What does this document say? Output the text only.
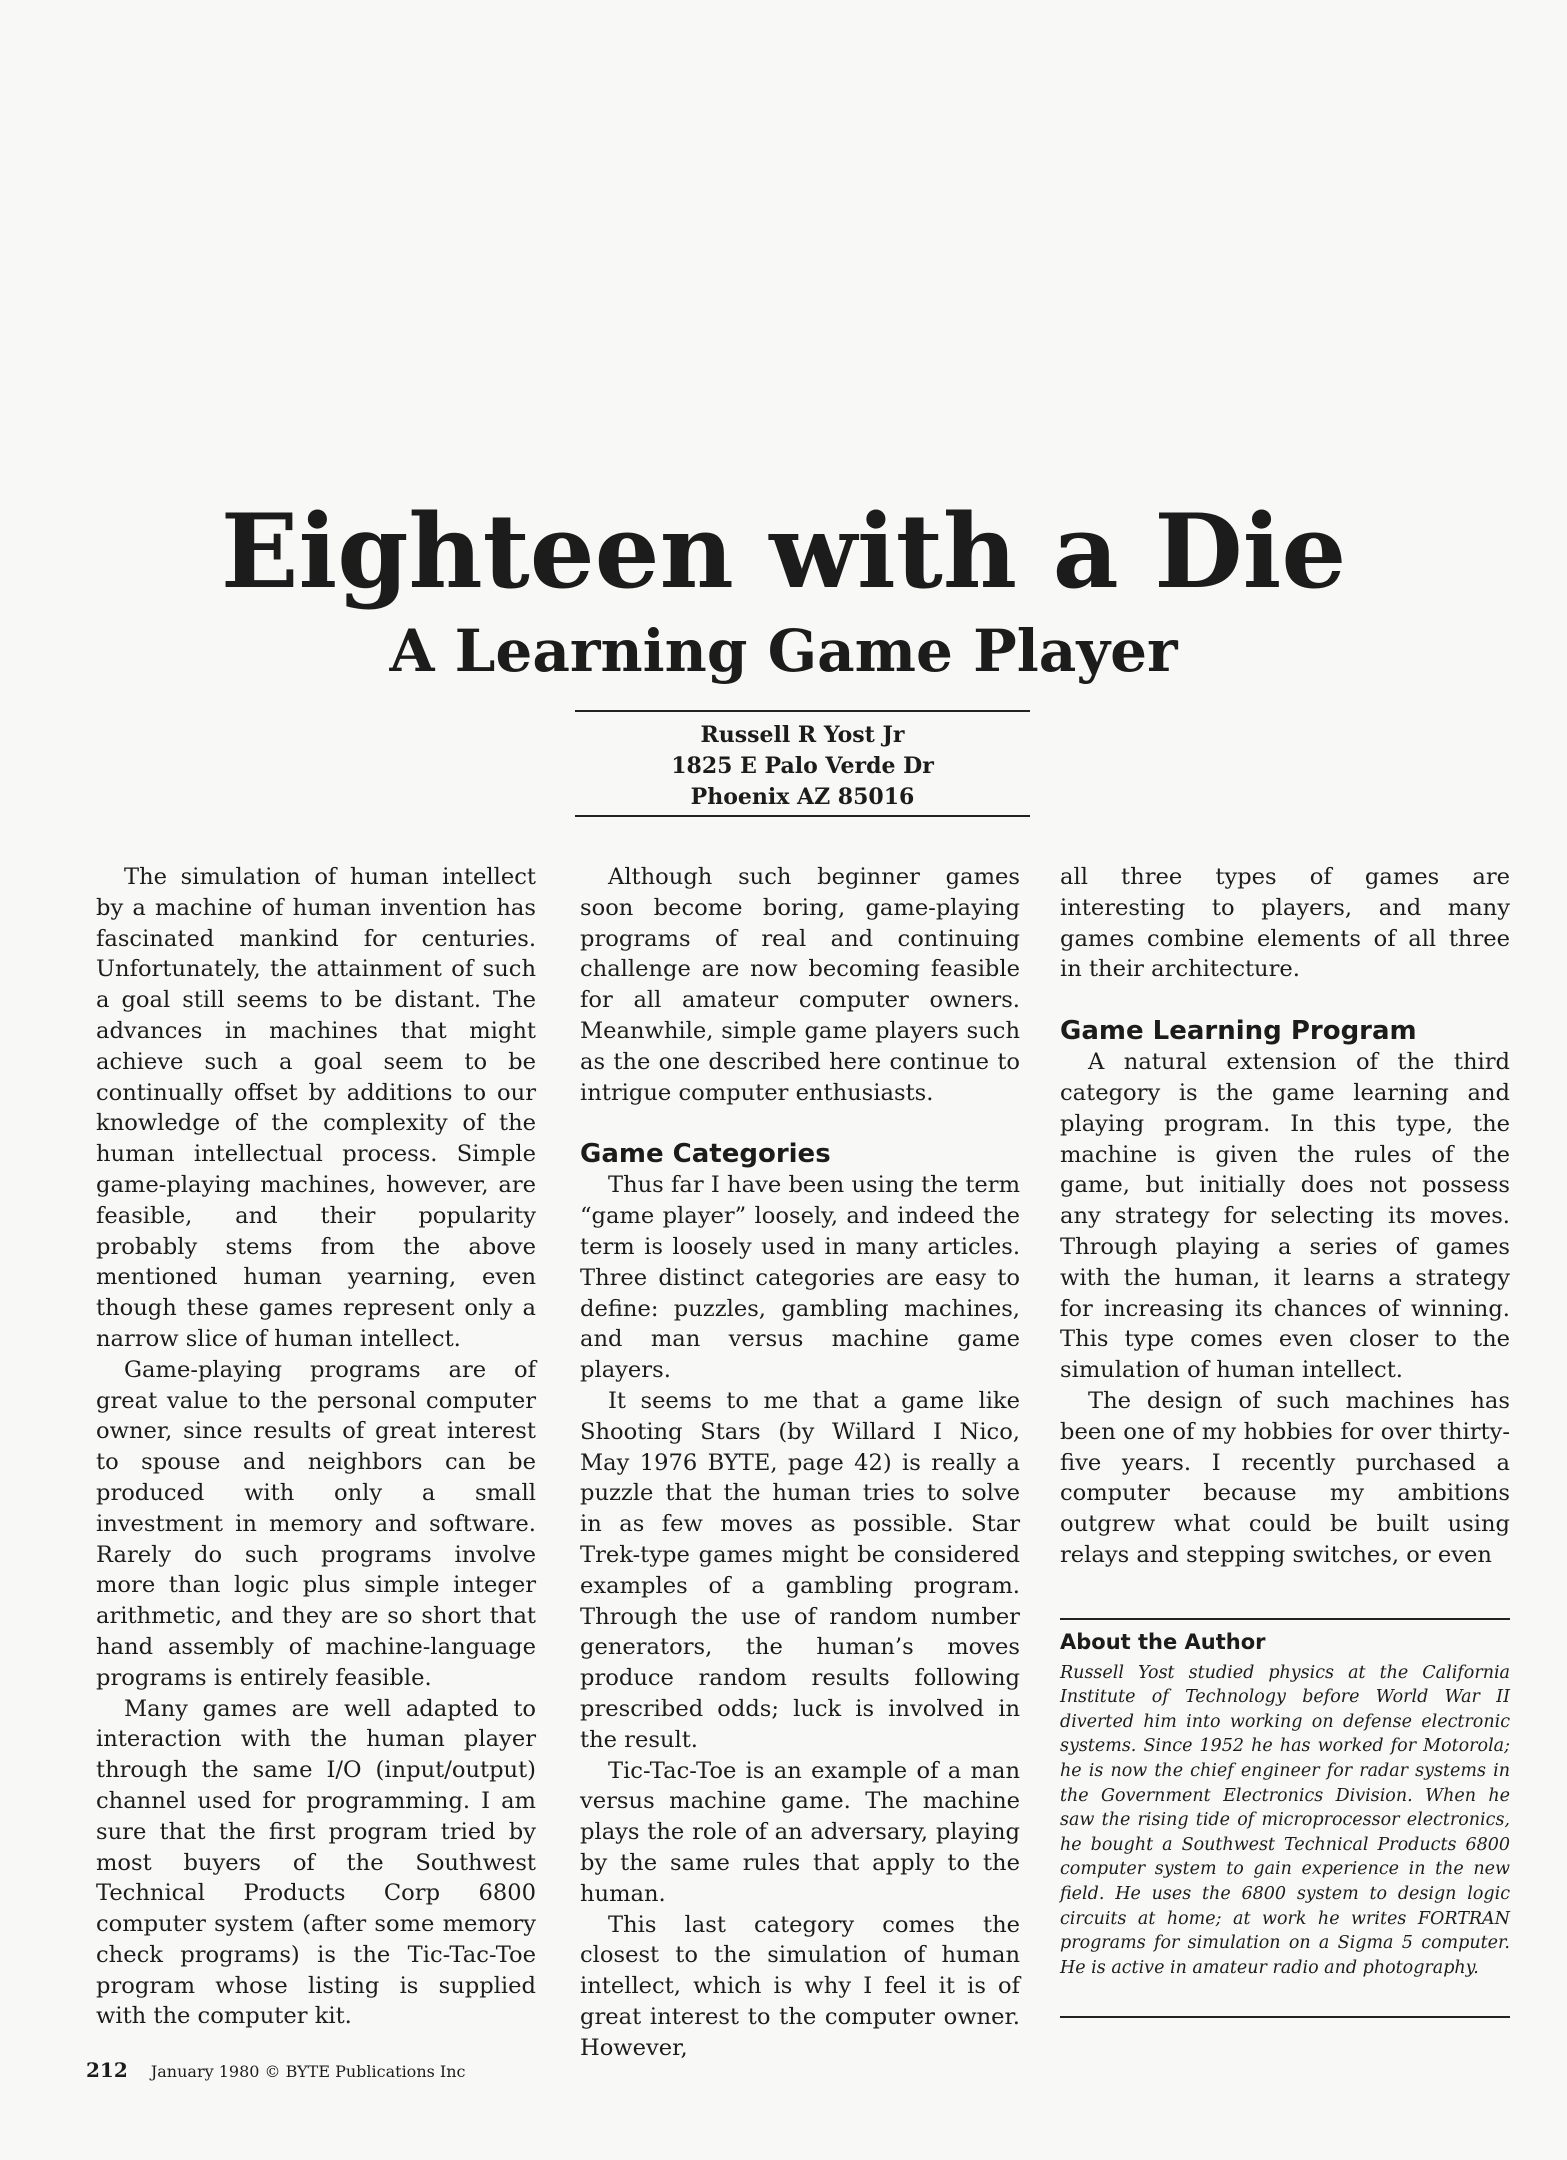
Eighteen with a Die
A Learning Game Player
Russell R Yost Jr
1825 E Palo Verde Dr
Phoenix AZ 85016

The simulation of human intellect by a machine of human invention has fascinated mankind for centuries. Unfortunately, the attainment of such a goal still seems to be distant. The advances in machines that might achieve such a goal seem to be continually offset by additions to our knowledge of the complexity of the human intellectual process. Simple game-playing machines, however, are feasible, and their popularity probably stems from the above mentioned human yearning, even though these games represent only a narrow slice of human intellect.

Game-playing programs are of great value to the personal computer owner, since results of great interest to spouse and neighbors can be produced with only a small investment in memory and software. Rarely do such programs involve more than logic plus simple integer arithmetic, and they are so short that hand assembly of machine-language programs is entirely feasible.

Many games are well adapted to interaction with the human player through the same I/O (input/output) channel used for programming. I am sure that the first program tried by most buyers of the Southwest Technical Products Corp 6800 computer system (after some memory check programs) is the Tic-Tac-Toe program whose listing is supplied with the computer kit.

Although such beginner games soon become boring, game-playing programs of real and continuing challenge are now becoming feasible for all amateur computer owners. Meanwhile, simple game players such as the one described here continue to intrigue computer enthusiasts.

Game Categories

Thus far I have been using the term “game player” loosely, and indeed the term is loosely used in many articles. Three distinct categories are easy to define: puzzles, gambling machines, and man versus machine game players.

It seems to me that a game like Shooting Stars (by Willard I Nico, May 1976 BYTE, page 42) is really a puzzle that the human tries to solve in as few moves as possible. Star Trek-type games might be considered examples of a gambling program. Through the use of random number generators, the human’s moves produce random results following prescribed odds; luck is involved in the result.

Tic-Tac-Toe is an example of a man versus machine game. The machine plays the role of an adversary, playing by the same rules that apply to the human.

This last category comes the closest to the simulation of human intellect, which is why I feel it is of great interest to the computer owner. However,

all three types of games are interesting to players, and many games combine elements of all three in their architecture.

Game Learning Program

A natural extension of the third category is the game learning and playing program. In this type, the machine is given the rules of the game, but initially does not possess any strategy for selecting its moves. Through playing a series of games with the human, it learns a strategy for increasing its chances of winning. This type comes even closer to the simulation of human intellect.

The design of such machines has been one of my hobbies for over thirty-five years. I recently purchased a computer because my ambitions outgrew what could be built using relays and stepping switches, or even

About the Author

Russell Yost studied physics at the California Institute of Technology before World War II diverted him into working on defense electronic systems. Since 1952 he has worked for Motorola; he is now the chief engineer for radar systems in the Government Electronics Division. When he saw the rising tide of microprocessor electronics, he bought a Southwest Technical Products 6800 computer system to gain experience in the new field. He uses the 6800 system to design logic circuits at home; at work he writes FORTRAN programs for simulation on a Sigma 5 computer. He is active in amateur radio and photography.

212 January 1980 © BYTE Publications Inc
